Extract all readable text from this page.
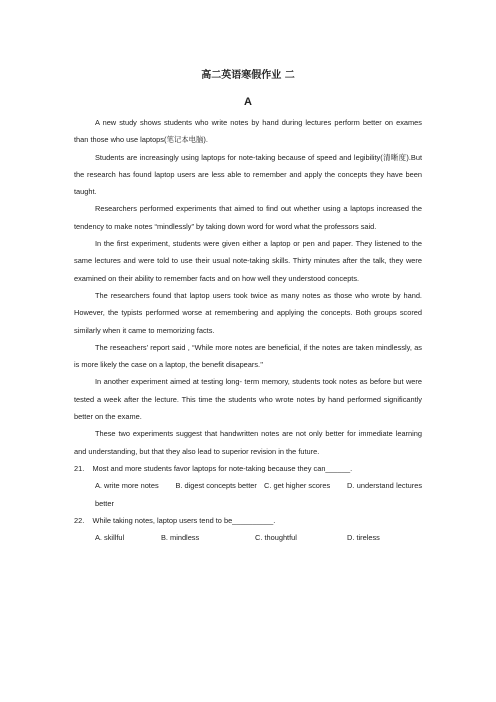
高二英语寒假作业 二
A

A new study shows students who write notes by hand during lectures perform better on exames than those who use laptops(笔记本电脑).

Students are increasingly using laptops for note-taking because of speed and legibility(清晰度).But the research has found laptop users are less able to remember and apply the concepts they have been taught.

Researchers performed experiments that aimed to find out whether using a laptops increased the tendency to make notes “mindlessly” by taking down word for word what the professors said.

In the first experiment, students were given either a laptop or pen and paper. They listened to the same lectures and were told to use their usual note-taking skills. Thirty minutes after the talk, they were examined on their ability to remember facts and on how well they understood concepts.

The researchers found that laptop users took twice as many notes as those who wrote by hand. However, the typists performed worse at remembering and applying the concepts. Both groups scored similarly when it came to memorizing facts.

The reseachers’ report said , “While more notes are beneficial, if the notes are taken mindlessly, as is more likely the case on a laptop, the benefit disapears.’’

In another experiment aimed at testing long- term memory, students took notes as before but were tested a week after the lecture. This time the students who wrote notes by hand performed significantly better on the exame.

These two experiments suggest that handwritten notes are not only better for immediate learning and understanding, but that they also lead to superior revision in the future.

21.    Most and more students favor laptops for note-taking because they can______.
A. write more notes B. digest concepts better C. get higher scores D. understand lectures better
22.    While taking notes, laptop users tend to be__________.
A. skillful	B. mindless	C. thoughtful	D. tireless
